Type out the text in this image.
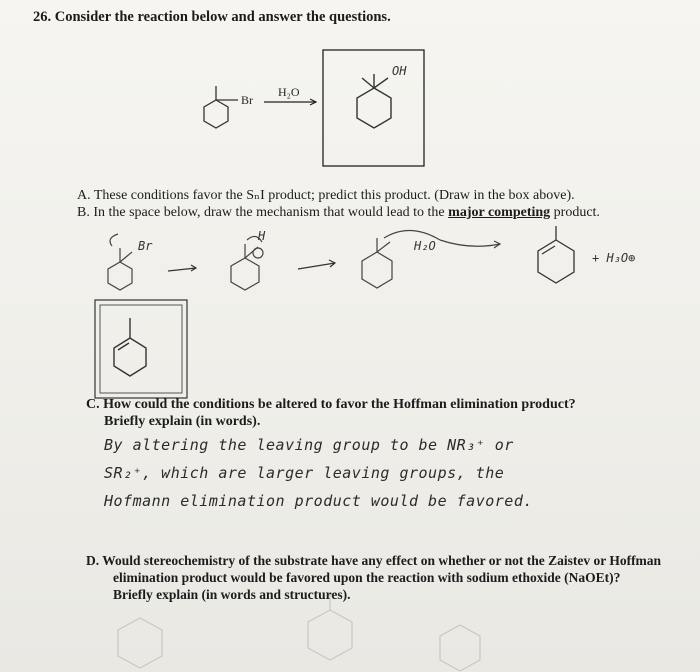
26. Consider the reaction below and answer the questions.
Br
H₂O
OH
Br
H
H₂O
+ H₃O⊕
A. These conditions favor the SₙI product; predict this product. (Draw in the box above).
B. In the space below, draw the mechanism that would lead to the major competing product.
C. How could the conditions be altered to favor the Hoffman elimination product?
Briefly explain (in words).
By altering the leaving group to be NR₃⁺ or
SR₂⁺, which are larger leaving groups, the
Hofmann elimination product would be favored.
D. Would stereochemistry of the substrate have any effect on whether or not the Zaistev or Hoffman
elimination product would be favored upon the reaction with sodium ethoxide (NaOEt)?
Briefly explain (in words and structures).
